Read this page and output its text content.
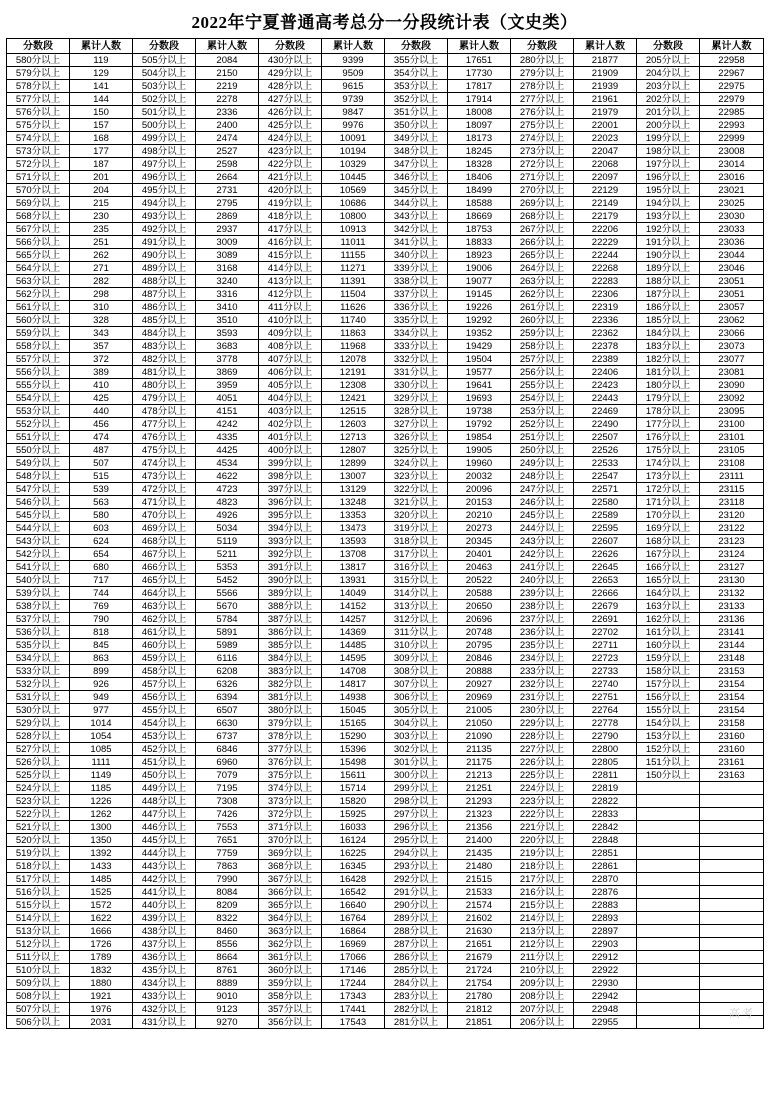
2022年宁夏普通高考总分一分段统计表（文史类）
分数段	累计人数	分数段	累计人数	分数段	累计人数	分数段	累计人数	分数段	累计人数	分数段	累计人数
580分以上	119	505分以上	2084	430分以上	9399	355分以上	17651	280分以上	21877	205分以上	22958
579分以上	129	504分以上	2150	429分以上	9509	354分以上	17730	279分以上	21909	204分以上	22967
578分以上	141	503分以上	2219	428分以上	9615	353分以上	17817	278分以上	21939	203分以上	22975
577分以上	144	502分以上	2278	427分以上	9739	352分以上	17914	277分以上	21961	202分以上	22979
576分以上	150	501分以上	2336	426分以上	9847	351分以上	18008	276分以上	21979	201分以上	22985
575分以上	157	500分以上	2400	425分以上	9976	350分以上	18097	275分以上	22001	200分以上	22993
574分以上	168	499分以上	2474	424分以上	10091	349分以上	18173	274分以上	22023	199分以上	22999
573分以上	177	498分以上	2527	423分以上	10194	348分以上	18245	273分以上	22047	198分以上	23008
572分以上	187	497分以上	2598	422分以上	10329	347分以上	18328	272分以上	22068	197分以上	23014
571分以上	201	496分以上	2664	421分以上	10445	346分以上	18406	271分以上	22097	196分以上	23016
570分以上	204	495分以上	2731	420分以上	10569	345分以上	18499	270分以上	22129	195分以上	23021
569分以上	215	494分以上	2795	419分以上	10686	344分以上	18588	269分以上	22149	194分以上	23025
568分以上	230	493分以上	2869	418分以上	10800	343分以上	18669	268分以上	22179	193分以上	23030
567分以上	235	492分以上	2937	417分以上	10913	342分以上	18753	267分以上	22206	192分以上	23033
566分以上	251	491分以上	3009	416分以上	11011	341分以上	18833	266分以上	22229	191分以上	23036
565分以上	262	490分以上	3089	415分以上	11155	340分以上	18923	265分以上	22244	190分以上	23044
564分以上	271	489分以上	3168	414分以上	11271	339分以上	19006	264分以上	22268	189分以上	23046
563分以上	282	488分以上	3240	413分以上	11391	338分以上	19077	263分以上	22283	188分以上	23051
562分以上	298	487分以上	3316	412分以上	11504	337分以上	19145	262分以上	22306	187分以上	23051
561分以上	310	486分以上	3410	411分以上	11626	336分以上	19226	261分以上	22319	186分以上	23057
560分以上	328	485分以上	3510	410分以上	11740	335分以上	19292	260分以上	22336	185分以上	23062
559分以上	343	484分以上	3593	409分以上	11863	334分以上	19352	259分以上	22362	184分以上	23066
558分以上	357	483分以上	3683	408分以上	11968	333分以上	19429	258分以上	22378	183分以上	23073
557分以上	372	482分以上	3778	407分以上	12078	332分以上	19504	257分以上	22389	182分以上	23077
556分以上	389	481分以上	3869	406分以上	12191	331分以上	19577	256分以上	22406	181分以上	23081
555分以上	410	480分以上	3959	405分以上	12308	330分以上	19641	255分以上	22423	180分以上	23090
554分以上	425	479分以上	4051	404分以上	12421	329分以上	19693	254分以上	22443	179分以上	23092
553分以上	440	478分以上	4151	403分以上	12515	328分以上	19738	253分以上	22469	178分以上	23095
552分以上	456	477分以上	4242	402分以上	12603	327分以上	19792	252分以上	22490	177分以上	23100
551分以上	474	476分以上	4335	401分以上	12713	326分以上	19854	251分以上	22507	176分以上	23101
550分以上	487	475分以上	4425	400分以上	12807	325分以上	19905	250分以上	22526	175分以上	23105
549分以上	507	474分以上	4534	399分以上	12899	324分以上	19960	249分以上	22533	174分以上	23108
548分以上	515	473分以上	4622	398分以上	13007	323分以上	20032	248分以上	22547	173分以上	23111
547分以上	539	472分以上	4723	397分以上	13129	322分以上	20096	247分以上	22571	172分以上	23115
546分以上	563	471分以上	4823	396分以上	13248	321分以上	20153	246分以上	22580	171分以上	23118
545分以上	580	470分以上	4926	395分以上	13353	320分以上	20210	245分以上	22589	170分以上	23120
544分以上	603	469分以上	5034	394分以上	13473	319分以上	20273	244分以上	22595	169分以上	23122
543分以上	624	468分以上	5119	393分以上	13593	318分以上	20345	243分以上	22607	168分以上	23123
542分以上	654	467分以上	5211	392分以上	13708	317分以上	20401	242分以上	22626	167分以上	23124
541分以上	680	466分以上	5353	391分以上	13817	316分以上	20463	241分以上	22645	166分以上	23127
540分以上	717	465分以上	5452	390分以上	13931	315分以上	20522	240分以上	22653	165分以上	23130
539分以上	744	464分以上	5566	389分以上	14049	314分以上	20588	239分以上	22666	164分以上	23132
538分以上	769	463分以上	5670	388分以上	14152	313分以上	20650	238分以上	22679	163分以上	23133
537分以上	790	462分以上	5784	387分以上	14257	312分以上	20696	237分以上	22691	162分以上	23136
536分以上	818	461分以上	5891	386分以上	14369	311分以上	20748	236分以上	22702	161分以上	23141
535分以上	845	460分以上	5989	385分以上	14485	310分以上	20795	235分以上	22711	160分以上	23144
534分以上	863	459分以上	6116	384分以上	14595	309分以上	20846	234分以上	22723	159分以上	23148
533分以上	899	458分以上	6208	383分以上	14708	308分以上	20888	233分以上	22733	158分以上	23153
532分以上	926	457分以上	6326	382分以上	14817	307分以上	20927	232分以上	22740	157分以上	23154
531分以上	949	456分以上	6394	381分以上	14938	306分以上	20969	231分以上	22751	156分以上	23154
530分以上	977	455分以上	6507	380分以上	15045	305分以上	21005	230分以上	22764	155分以上	23154
529分以上	1014	454分以上	6630	379分以上	15165	304分以上	21050	229分以上	22778	154分以上	23158
528分以上	1054	453分以上	6737	378分以上	15290	303分以上	21090	228分以上	22790	153分以上	23160
527分以上	1085	452分以上	6846	377分以上	15396	302分以上	21135	227分以上	22800	152分以上	23160
526分以上	1111	451分以上	6960	376分以上	15498	301分以上	21175	226分以上	22805	151分以上	23161
525分以上	1149	450分以上	7079	375分以上	15611	300分以上	21213	225分以上	22811	150分以上	23163
524分以上	1185	449分以上	7195	374分以上	15714	299分以上	21251	224分以上	22819		
523分以上	1226	448分以上	7308	373分以上	15820	298分以上	21293	223分以上	22822		
522分以上	1262	447分以上	7426	372分以上	15925	297分以上	21323	222分以上	22833		
521分以上	1300	446分以上	7553	371分以上	16033	296分以上	21356	221分以上	22842		
520分以上	1350	445分以上	7651	370分以上	16124	295分以上	21400	220分以上	22848		
519分以上	1392	444分以上	7759	369分以上	16225	294分以上	21435	219分以上	22851		
518分以上	1433	443分以上	7863	368分以上	16345	293分以上	21480	218分以上	22861		
517分以上	1485	442分以上	7990	367分以上	16428	292分以上	21515	217分以上	22870		
516分以上	1525	441分以上	8084	366分以上	16542	291分以上	21533	216分以上	22876		
515分以上	1572	440分以上	8209	365分以上	16640	290分以上	21574	215分以上	22883		
514分以上	1622	439分以上	8322	364分以上	16764	289分以上	21602	214分以上	22893		
513分以上	1666	438分以上	8460	363分以上	16864	288分以上	21630	213分以上	22897		
512分以上	1726	437分以上	8556	362分以上	16969	287分以上	21651	212分以上	22903		
511分以上	1789	436分以上	8664	361分以上	17066	286分以上	21679	211分以上	22912		
510分以上	1832	435分以上	8761	360分以上	17146	285分以上	21724	210分以上	22922		
509分以上	1880	434分以上	8889	359分以上	17244	284分以上	21754	209分以上	22930		
508分以上	1921	433分以上	9010	358分以上	17343	283分以上	21780	208分以上	22942		
507分以上	1976	432分以上	9123	357分以上	17441	282分以上	21812	207分以上	22948		
506分以上	2031	431分以上	9270	356分以上	17543	281分以上	21851	206分以上	22955		
高考
